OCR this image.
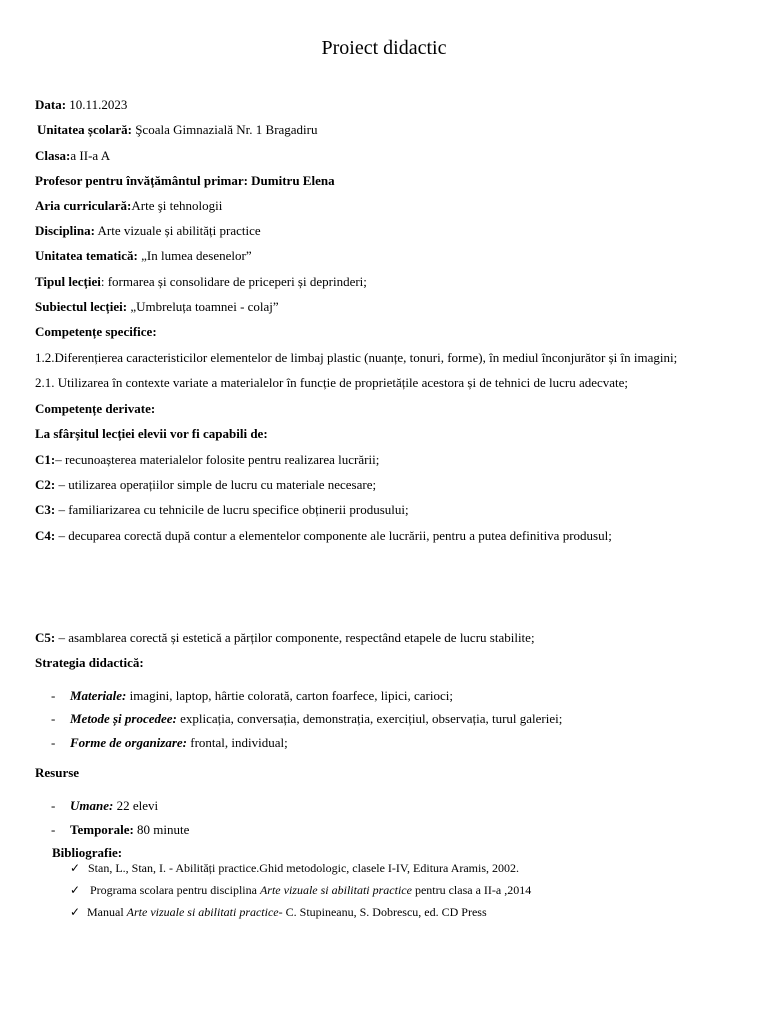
Proiect didactic
Data: 10.11.2023
Unitatea școlară: Şcoala Gimnazială Nr. 1 Bragadiru
Clasa:a II-a A
Profesor pentru învățământul primar: Dumitru Elena
Aria curriculară:Arte şi tehnologii
Disciplina: Arte vizuale și abilități practice
Unitatea tematică: „In lumea desenelor”
Tipul lecției: formarea și consolidare de priceperi și deprinderi;
Subiectul lecției: „Umbreluța toamnei - colaj”
Competențe specifice:
1.2.Diferențierea caracteristicilor elementelor de limbaj plastic (nuanțe, tonuri, forme), în mediul înconjurător și în imagini;
2.1. Utilizarea în contexte variate a materialelor în funcție de proprietățile acestora și de tehnici de lucru adecvate;
Competențe derivate:
La sfârșitul lecției elevii vor fi capabili de:
C1:– recunoașterea materialelor folosite pentru realizarea lucrării;
C2: – utilizarea operațiilor simple de lucru cu materiale necesare;
C3: – familiarizarea cu tehnicile de lucru specifice obținerii produsului;
C4: – decuparea corectă după contur a elementelor componente ale lucrării, pentru a putea definitiva produsul;
C5: – asamblarea corectă și estetică a părților componente, respectând etapele de lucru stabilite;
Strategia didactică:
- Materiale: imagini, laptop, hârtie colorată, carton foarfece, lipici, carioci;
- Metode și procedee: explicația, conversația, demonstrația, exercițiul, observația, turul galeriei;
- Forme de organizare: frontal, individual;
Resurse
- Umane: 22 elevi
- Temporale: 80 minute
Bibliografie:
✓ Stan, L., Stan, I. - Abilități practice.Ghid metodologic, clasele I-IV, Editura Aramis, 2002.
✓ Programa scolara pentru disciplina Arte vizuale si abilitati practice pentru clasa a II-a ,2014
✓ Manual Arte vizuale si abilitati practice- C. Stupineanu, S. Dobrescu, ed. CD Press
